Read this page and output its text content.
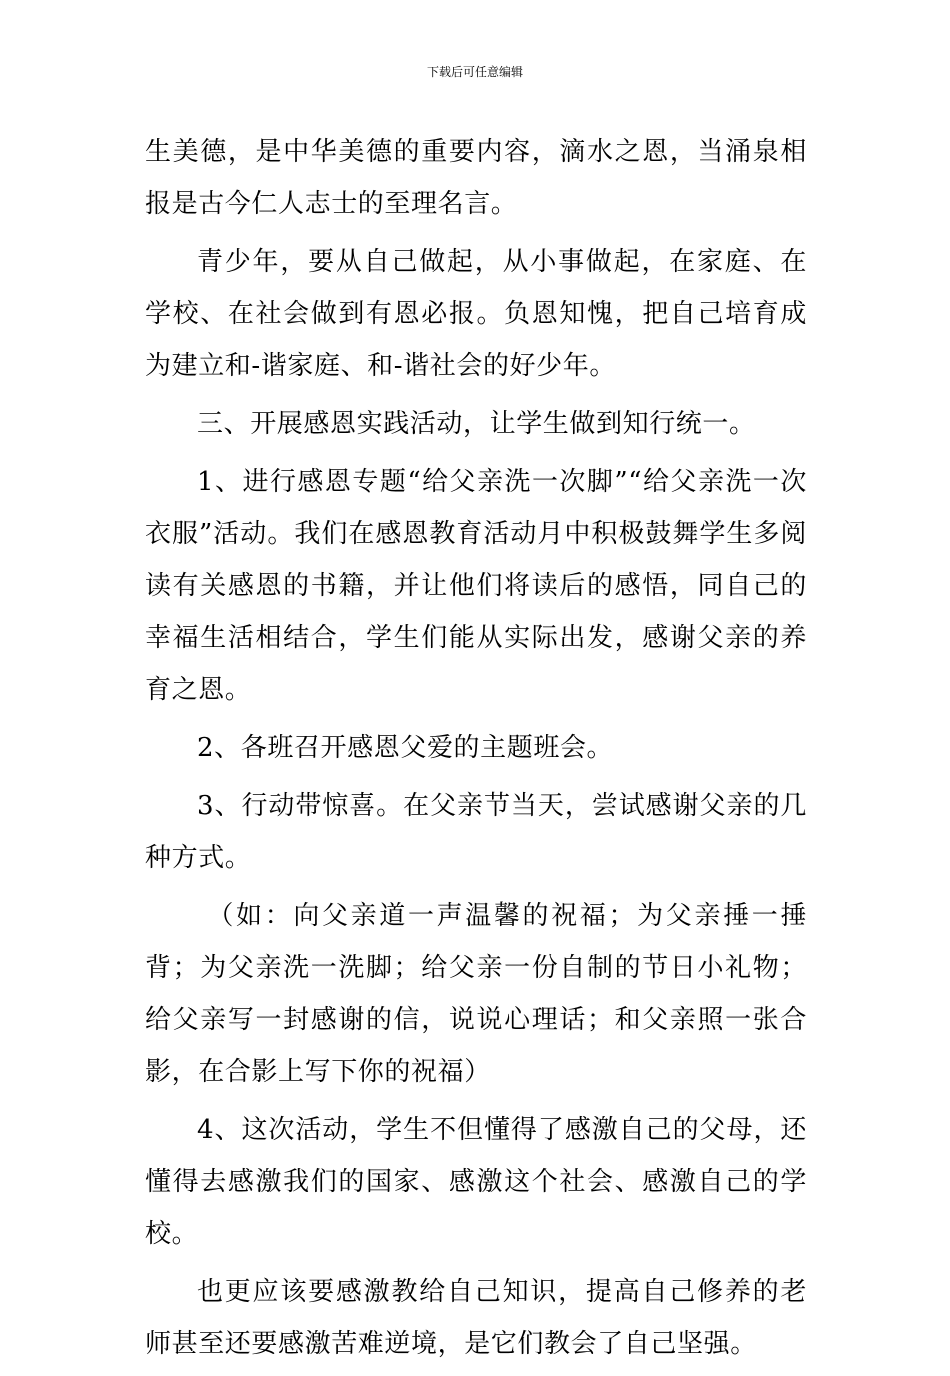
下载后可任意编辑

生美德，是中华美德的重要内容，滴水之恩，当涌泉相报是古今仁人志士的至理名言。

青少年，要从自己做起，从小事做起，在家庭、在学校、在社会做到有恩必报。负恩知愧，把自己培育成为建立和-谐家庭、和-谐社会的好少年。

三、开展感恩实践活动，让学生做到知行统一。

1、进行感恩专题“给父亲洗一次脚”“给父亲洗一次衣服”活动。我们在感恩教育活动月中积极鼓舞学生多阅读有关感恩的书籍，并让他们将读后的感悟，同自己的幸福生活相结合，学生们能从实际出发，感谢父亲的养育之恩。

2、各班召开感恩父爱的主题班会。

3、行动带惊喜。在父亲节当天，尝试感谢父亲的几种方式。

（如：向父亲道一声温馨的祝福；为父亲捶一捶背；为父亲洗一洗脚；给父亲一份自制的节日小礼物；给父亲写一封感谢的信，说说心理话；和父亲照一张合影，在合影上写下你的祝福）

4、这次活动，学生不但懂得了感激自己的父母，还懂得去感激我们的国家、感激这个社会、感激自己的学校。

也更应该要感激教给自己知识，提高自己修养的老师甚至还要感激苦难逆境，是它们教会了自己坚强。
